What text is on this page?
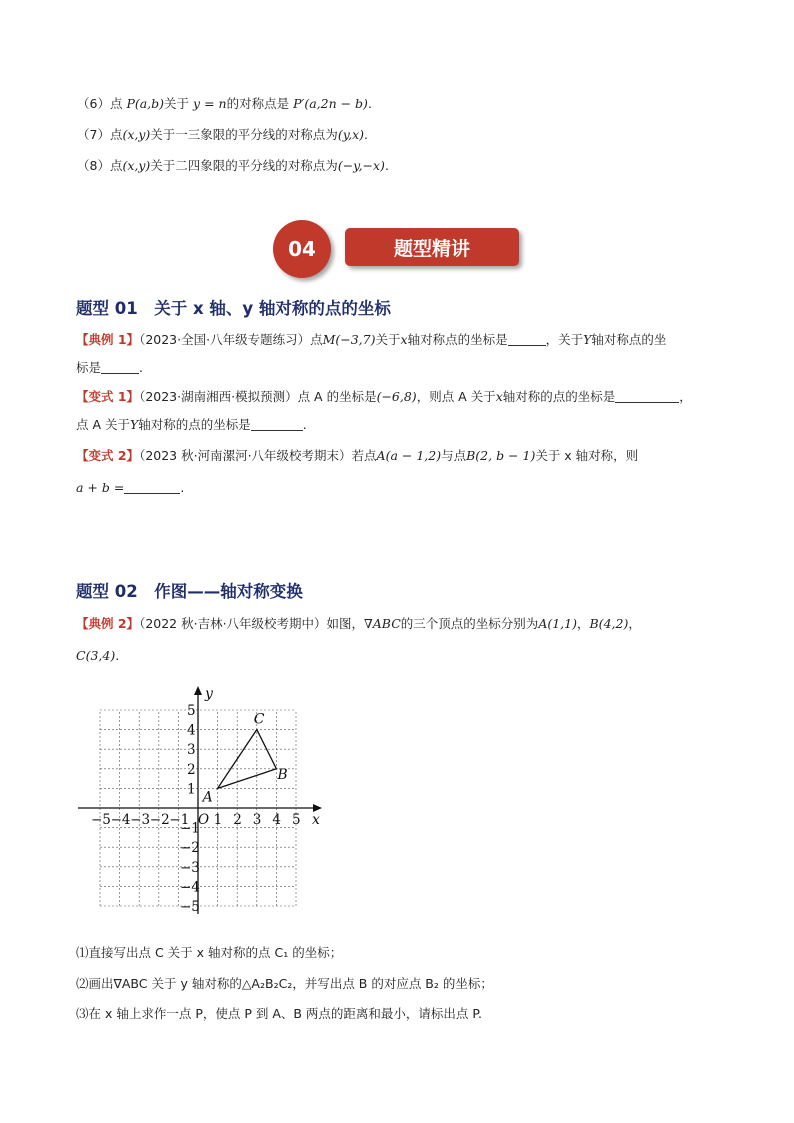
（6）点 P(a,b)关于 y = n的对称点是 P′(a,2n − b).
（7）点(x,y)关于一三象限的平分线的对称点为(y,x).
（8）点(x,y)关于二四象限的平分线的对称点为(−y,−x).
题型精讲
04
题型 01　关于 x 轴、y 轴对称的点的坐标
【典例 1】（2023·全国·八年级专题练习）点M(−3,7)关于x轴对称点的坐标是	，关于Y轴对称点的坐
标是	.
【变式 1】（2023·湖南湘西·模拟预测）点 A 的坐标是(−6,8)，则点 A 关于x轴对称的点的坐标是	，
点 A 关于Y轴对称的点的坐标是	.
【变式 2】（2023 秋·河南漯河·八年级校考期末）若点A(a − 1,2)与点B(2, b − 1)关于 x 轴对称，则
a + b =	.
题型 02　作图——轴对称变换
【典例 2】（2022 秋·吉林·八年级校考期中）如图，∇ABC的三个顶点的坐标分别为A(1,1)，B(4,2)，
C(3,4).
x
y
O
−5 −4 −3 −2 −1 1 2 3 4 5
5
4
3
2
1
−1
−2
−3
−4
−5
A
B
C
⑴直接写出点 C 关于 x 轴对称的点 C₁ 的坐标；
⑵画出∇ABC 关于 y 轴对称的△A₂B₂C₂，并写出点 B 的对应点 B₂ 的坐标；
⑶在 x 轴上求作一点 P，使点 P 到 A、B 两点的距离和最小，请标出点 P.
